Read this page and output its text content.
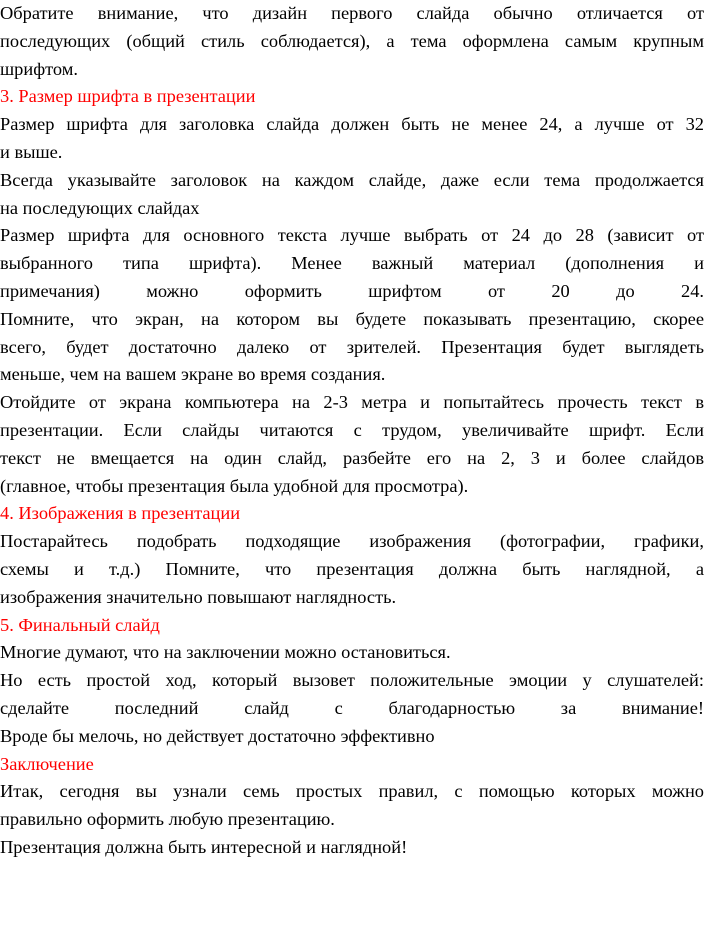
Обратите внимание, что дизайн первого слайда обычно отличается от
последующих (общий стиль соблюдается), а тема оформлена самым крупным
шрифтом.
3. Размер шрифта в презентации
Размер шрифта для заголовка слайда должен быть не менее 24, а лучше от 32
и выше.
Всегда указывайте заголовок на каждом слайде, даже если тема продолжается
на последующих слайдах
Размер шрифта для основного текста лучше выбрать от 24 до 28 (зависит от
выбранного типа шрифта). Менее важный материал (дополнения и
примечания) можно оформить шрифтом от 20 до 24.
Помните, что экран, на котором вы будете показывать презентацию, скорее
всего, будет достаточно далеко от зрителей. Презентация будет выглядеть
меньше, чем на вашем экране во время создания.
Отойдите от экрана компьютера на 2-3 метра и попытайтесь прочесть текст в
презентации. Если слайды читаются с трудом, увеличивайте шрифт. Если
текст не вмещается на один слайд, разбейте его на 2, 3 и более слайдов
(главное, чтобы презентация была удобной для просмотра).
4. Изображения в презентации
Постарайтесь подобрать подходящие изображения (фотографии, графики,
схемы и т.д.) Помните, что презентация должна быть наглядной, а
изображения значительно повышают наглядность.
5. Финальный слайд
Многие думают, что на заключении можно остановиться.
Но есть простой ход, который вызовет положительные эмоции у слушателей:
сделайте последний слайд с благодарностью за внимание!
Вроде бы мелочь, но действует достаточно эффективно
Заключение
Итак, сегодня вы узнали семь простых правил, с помощью которых можно
правильно оформить любую презентацию.
Презентация должна быть интересной и наглядной!
